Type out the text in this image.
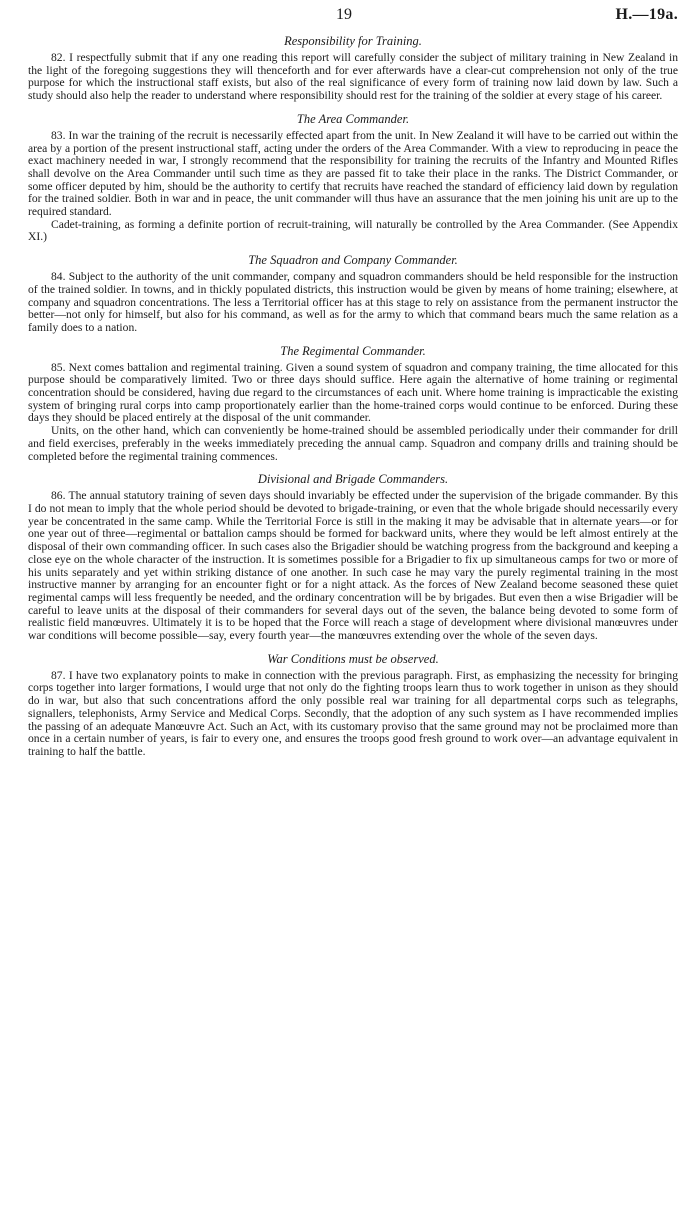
19	H.—19a.
Responsibility for Training.

82. I respectfully submit that if any one reading this report will carefully consider the subject of military training in New Zealand in the light of the foregoing suggestions they will thenceforth and for ever afterwards have a clear-cut comprehension not only of the true purpose for which the instructional staff exists, but also of the real significance of every form of training now laid down by law. Such a study should also help the reader to understand where responsibility should rest for the training of the soldier at every stage of his career.

The Area Commander.

83. In war the training of the recruit is necessarily effected apart from the unit. In New Zealand it will have to be carried out within the area by a portion of the present instructional staff, acting under the orders of the Area Commander. With a view to reproducing in peace the exact machinery needed in war, I strongly recommend that the responsibility for training the recruits of the Infantry and Mounted Rifles shall devolve on the Area Commander until such time as they are passed fit to take their place in the ranks. The District Commander, or some officer deputed by him, should be the authority to certify that recruits have reached the standard of efficiency laid down by regulation for the trained soldier. Both in war and in peace, the unit commander will thus have an assurance that the men joining his unit are up to the required standard.

Cadet-training, as forming a definite portion of recruit-training, will naturally be controlled by the Area Commander. (See Appendix XI.)

The Squadron and Company Commander.

84. Subject to the authority of the unit commander, company and squadron commanders should be held responsible for the instruction of the trained soldier. In towns, and in thickly populated districts, this instruction would be given by means of home training; elsewhere, at company and squadron concentrations. The less a Territorial officer has at this stage to rely on assistance from the permanent instructor the better—not only for himself, but also for his command, as well as for the army to which that command bears much the same relation as a family does to a nation.

The Regimental Commander.

85. Next comes battalion and regimental training. Given a sound system of squadron and company training, the time allocated for this purpose should be comparatively limited. Two or three days should suffice. Here again the alternative of home training or regimental concentration should be considered, having due regard to the circumstances of each unit. Where home training is impracticable the existing system of bringing rural corps into camp proportionately earlier than the home-trained corps would continue to be enforced. During these days they should be placed entirely at the disposal of the unit commander.

Units, on the other hand, which can conveniently be home-trained should be assembled periodically under their commander for drill and field exercises, preferably in the weeks immediately preceding the annual camp. Squadron and company drills and training should be completed before the regimental training commences.

Divisional and Brigade Commanders.

86. The annual statutory training of seven days should invariably be effected under the supervision of the brigade commander. By this I do not mean to imply that the whole period should be devoted to brigade-training, or even that the whole brigade should necessarily every year be concentrated in the same camp. While the Territorial Force is still in the making it may be advisable that in alternate years—or for one year out of three—regimental or battalion camps should be formed for backward units, where they would be left almost entirely at the disposal of their own commanding officer. In such cases also the Brigadier should be watching progress from the background and keeping a close eye on the whole character of the instruction. It is sometimes possible for a Brigadier to fix up simultaneous camps for two or more of his units separately and yet within striking distance of one another. In such case he may vary the purely regimental training in the most instructive manner by arranging for an encounter fight or for a night attack. As the forces of New Zealand become seasoned these quiet regimental camps will less frequently be needed, and the ordinary concentration will be by brigades. But even then a wise Brigadier will be careful to leave units at the disposal of their commanders for several days out of the seven, the balance being devoted to some form of realistic field manœuvres. Ultimately it is to be hoped that the Force will reach a stage of development where divisional manœuvres under war conditions will become possible—say, every fourth year—the manœuvres extending over the whole of the seven days.

War Conditions must be observed.

87. I have two explanatory points to make in connection with the previous paragraph. First, as emphasizing the necessity for bringing corps together into larger formations, I would urge that not only do the fighting troops learn thus to work together in unison as they should do in war, but also that such concentrations afford the only possible real war training for all departmental corps such as telegraphs, signallers, telephonists, Army Service and Medical Corps. Secondly, that the adoption of any such system as I have recommended implies the passing of an adequate Manœuvre Act. Such an Act, with its customary proviso that the same ground may not be proclaimed more than once in a certain number of years, is fair to every one, and ensures the troops good fresh ground to work over—an advantage equivalent in training to half the battle.
